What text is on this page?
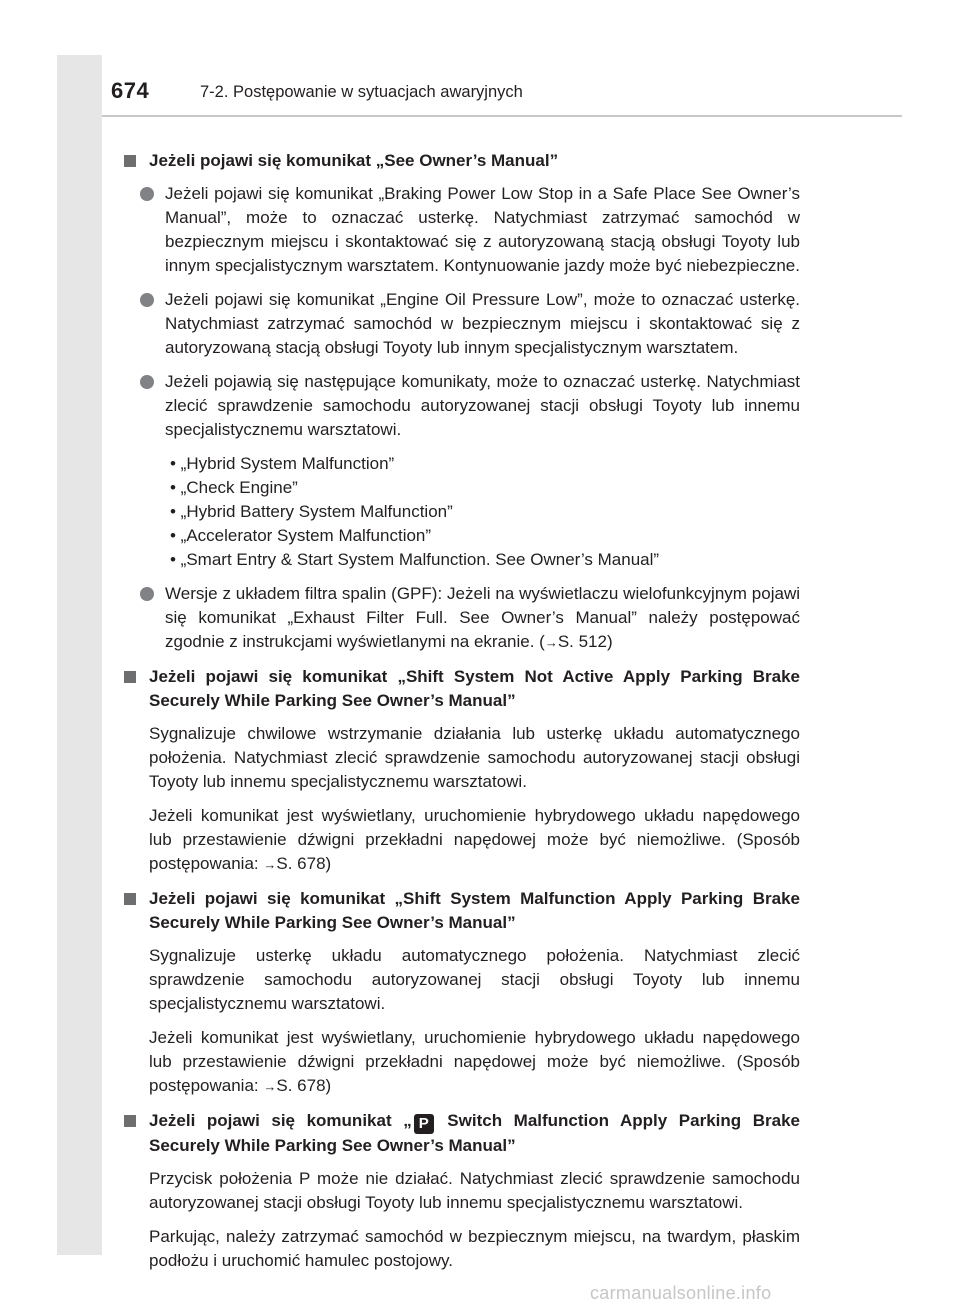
674	7-2. Postępowanie w sytuacjach awaryjnych
Jeżeli pojawi się komunikat „See Owner’s Manual”
Jeżeli pojawi się komunikat „Braking Power Low Stop in a Safe Place See Owner’s Manual”, może to oznaczać usterkę. Natychmiast zatrzymać samochód w bezpiecznym miejscu i skontaktować się z autoryzowaną stacją obsługi Toyoty lub innym specjalistycznym warsztatem. Kontynuowanie jazdy może być niebezpieczne.
Jeżeli pojawi się komunikat „Engine Oil Pressure Low”, może to oznaczać usterkę. Natychmiast zatrzymać samochód w bezpiecznym miejscu i skontaktować się z autoryzowaną stacją obsługi Toyoty lub innym specjalistycznym warsztatem.
Jeżeli pojawią się następujące komunikaty, może to oznaczać usterkę. Natychmiast zlecić sprawdzenie samochodu autoryzowanej stacji obsługi Toyoty lub innemu specjalistycznemu warsztatowi.
• „Hybrid System Malfunction”
• „Check Engine”
• „Hybrid Battery System Malfunction”
• „Accelerator System Malfunction”
• „Smart Entry & Start System Malfunction. See Owner’s Manual”
Wersje z układem filtra spalin (GPF): Jeżeli na wyświetlaczu wielofunkcyjnym pojawi się komunikat „Exhaust Filter Full. See Owner’s Manual” należy postępować zgodnie z instrukcjami wyświetlanymi na ekranie. (→S. 512)
Jeżeli pojawi się komunikat „Shift System Not Active Apply Parking Brake Securely While Parking See Owner’s Manual”
Sygnalizuje chwilowe wstrzymanie działania lub usterkę układu automatycznego położenia. Natychmiast zlecić sprawdzenie samochodu autoryzowanej stacji obsługi Toyoty lub innemu specjalistycznemu warsztatowi.
Jeżeli komunikat jest wyświetlany, uruchomienie hybrydowego układu napędowego lub przestawienie dźwigni przekładni napędowej może być niemożliwe. (Sposób postępowania: →S. 678)
Jeżeli pojawi się komunikat „Shift System Malfunction Apply Parking Brake Securely While Parking See Owner’s Manual”
Sygnalizuje usterkę układu automatycznego położenia. Natychmiast zlecić sprawdzenie samochodu autoryzowanej stacji obsługi Toyoty lub innemu specjalistycznemu warsztatowi.
Jeżeli komunikat jest wyświetlany, uruchomienie hybrydowego układu napędowego lub przestawienie dźwigni przekładni napędowej może być niemożliwe. (Sposób postępowania: →S. 678)
Jeżeli pojawi się komunikat „ P Switch Malfunction Apply Parking Brake Securely While Parking See Owner’s Manual”
Przycisk położenia P może nie działać. Natychmiast zlecić sprawdzenie samochodu autoryzowanej stacji obsługi Toyoty lub innemu specjalistycznemu warsztatowi.
Parkując, należy zatrzymać samochód w bezpiecznym miejscu, na twardym, płaskim podłożu i uruchomić hamulec postojowy.
carmanualsonline.info
